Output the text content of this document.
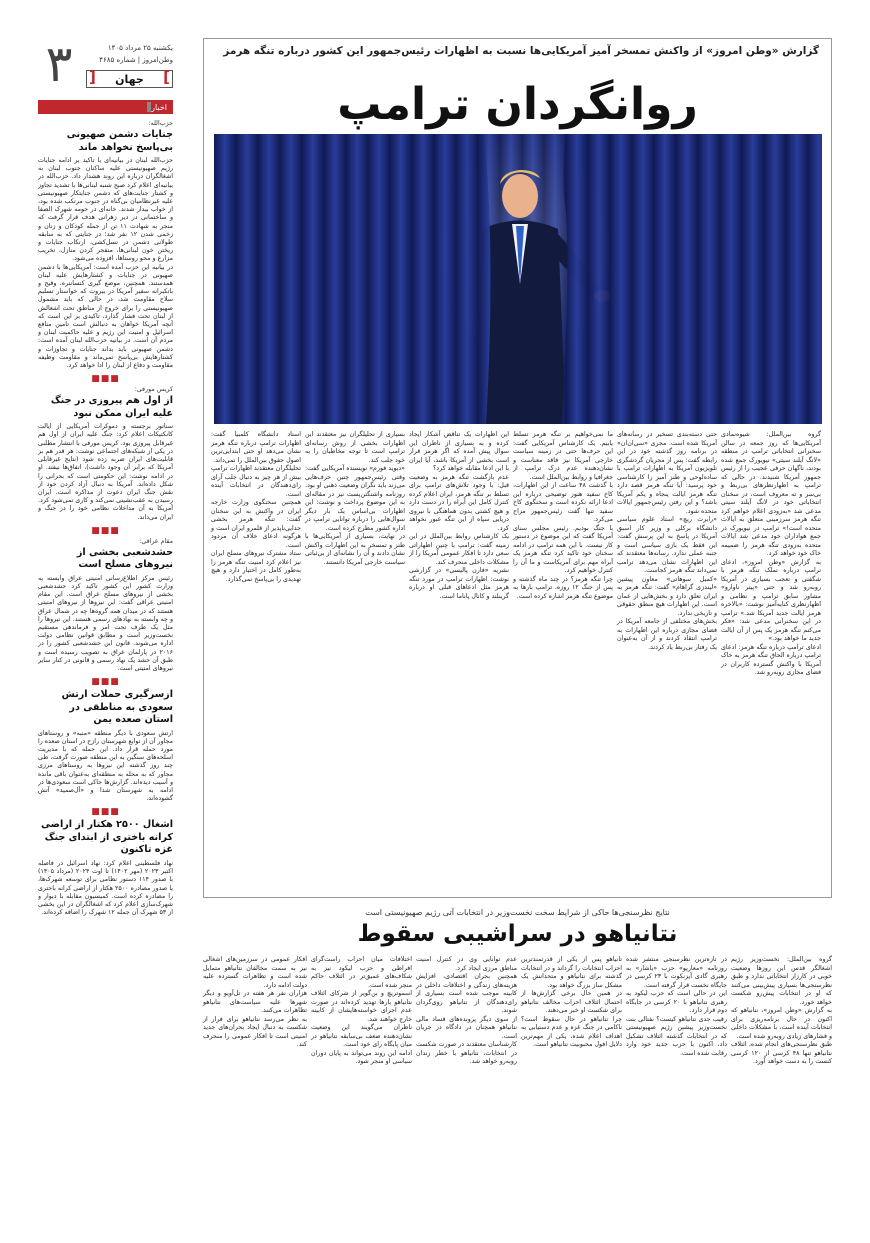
۳	یکشنبه ۲۵ مرداد ۱۴۰۵
وطن‌امروز | شماره ۴۶۸۵
]
جهان
[
اخبار
حزب‌الله:
جنایات دشمن صهیونی بی‌پاسخ نخواهد ماند

حزب‌الله لبنان در بیانیه‌ای با تاکید بر ادامه جنایات رژیم صهیونیستی علیه ساکنان جنوب لبنان به اشغالگران درباره این روند هشدار داد. حزب‌الله در بیانیه‌ای اعلام کرد صبح شنبه لبنانی‌ها با تشدید تجاوز و کشتار جنایت‌های که دشمن جنایتکار صهیونیستی علیه غیرنظامیان بی‌گناه در جنوب مرتکب شده بود، از خواب بیدار شدند. خانه‌ای در حومه شهرک الصفا و ساختمانی در دیر زهرانی هدف قرار گرفت که منجر به شهادت ۱۱ تن از جمله کودکان و زنان و زخمی شدن ۱۲ نفر شد؛ در جنایتی که به سابقه طولانی دشمن در نسل‌کشی، ارتکاب جنایات و ریختن خون لبنانی‌ها، منفجر کردن منازل، تخریب مزارع و محو روستاها، افزوده می‌شود.

در بیانیه این حزب آمده است: آمریکایی‌ها با دشمن صهیونی در جنایات و کشتارهایش علیه لبنان همدستند. همچنین، موضع گیری کنسانتره، وقیح و با‌تکبرانه سفیر آمریکا در بیروت که خواستار تسلیم سلاح مقاومت شد، در حالی که باید مشمول صهیونیستی را برای خروج از مناطق تحت اشغالش از لبنان تحت فشار گذارد، تاکیدی بر این است که آنچه آمریکا خواهان به دنبالش است تامین منافع اسرائیل و امنیت این رژیم و علیه حاکمیت لبنان و مردم آن است. در بیانیه حزب‌الله لبنان آمده است: دشمن صهیونی باید بداند جنایات و تجاوزات و کشتارهایش بی‌پاسخ نمی‌ماند و مقاومت وظیفه مقاومت و دفاع از لبنان را ادا خواهد کرد.

■■■
کریس مورفی:
از اول هم پیروزی در جنگ علیه ایران ممکن نبود

سناتور برجسته و دموکرات آمریکایی از ایالت کانکتیکات اعلام کرد: جنگ علیه ایران از اول هم غیرقابل پیروزی بود. کریس مورفی با انتشار مطلبی در یکی از شبکه‌های اجتماعی نوشت: هر قدر هم بر قابلیت‌های ایران ضربه زده شود (نتایج غیرقابلی آمریکا که برابر آن وجود داشت)، اتفاق‌ها نیفتد. او در ادامه نوشت: این حکومتی است که بحرانی را شکل داده‌اند. آمریکا به دنبال آزاد کردن خود از نقش جنگ ایران دعوت از مذاکره است. ایران رسیدن به عقب‌نشینی نمی‌کند و کاری نمی‌شود کرد. آمریکا به آن مداخلات نظامی خود را در جنگ و ایران می‌داند.

■■■
مقام عراقی:
حشدشعبی بخشی از نیروهای مسلح است

رئیس مرکز اطلاع‌رسانی امنیتی عراق وابسته به وزارت کشور این کشور تاکید کرد حشدشعبی بخشی از نیروهای مسلح عراق است. این مقام امنیتی عراقی گفت: این نیروها از نیروهای امنیتی هستند که در میدان همه گروه‌ها چه در شمال عراق و چه وابسته به نهادهای رسمی هستند. این نیروها را مثل یک طرف تحت امر و فرماندهی مستقیم نخست‌وزیر است و مطابق قوانین نظامی دولت اداره می‌شوند. قانون این حشدشعبی کشور را در ۲۰۱۶ در پارلمان عراق به تصویب رسیده است و طبق آن حشد یک نهاد رسمی و قانونی در کنار سایر نیروهای امنیتی است.

■■■
ازسرگیری حملات ارتش سعودی به مناطقی در استان صعده یمن

ارتش سعودی با دیگر منطقه «منبه» و روستاهای مجاور آن از توابع شهرستان رازح در استان صعده را مورد حمله قرار داد. این حمله که با مدیریت اسلحه‌های سنگین به این منطقه صورت گرفت، طی چند روز گذشته این نیروها به روستاهای مرزی مجاور که به محله به منطقه‌ای به‌عنوان باقی مانده و آسیب دیده‌اند. گزارش‌ها حاکی است سعودی‌ها در ادامه به شهرستان شدا و «آل‌صمید» آتش گشوده‌اند.

■■■
اشغال ۲۵۰۰ هکتار از اراضی کرانه باختری از ابتدای جنگ غزه تاکنون

نهاد فلسطینی اعلام کرد: نهاد اسرائیل در فاصله اکتبر ۲۰۲۳ (مهر ۱۴۰۲) تا اوت ۲۰۲۴ (مرداد ۱۴۰۵) با صدور ۱۱۴ دستور نظامی برای توسعه شهرک‌ها، یا صدور مصادره ۲۵۰۰ هکتار از اراضی کرانه باختری را مصادره کرده است. کمیسیون مقابله با دیوار و شهرک‌سازی اعلام کرد که اشغالگران در این بخشی از ۵۳ شهرک آن جمله ۱۲ شهرک را اضافه کرده‌اند.

گزارش «وطن امروز» از واکنش تمسخر آمیز آمریکایی‌ها نسبت به اظهارات رئیس‌جمهور این کشور درباره تنگه هرمز
روانگردان ترامپ

گروه بین‌الملل: شیوه‌نمادی آمریکایی‌ها که روز جمعه در سالن سخنرانی انتخاباتی ترامپ در منطقه «لانگ آیلند سیتی» نیویورک جمع شده بودند، ناگهان حرفی عجیب را از رئیس جمهور آمریکا شنیدند. در حالی که ترامپ به اظهارنظرهای بی‌ربط و بی‌سر و ته معروف است، در سخنان انتخاباتی خود در لانگ آیلند سیتی مدعی شد «به‌زودی اعلام خواهم کرد تنگه هرمز سرزمینی متعلق به ایالات متحده است!» ترامپ در نیویورک در جمع هواداران خود مدعی شد ایالات متحده به‌زودی تنگه هرمز را ضمیمه خاک خود خواهد کرد.

به گزارش «وطن امروز»، ادعای ترامپ درباره تملک تنگه هرمز با شگفتی و تعجب بسیاری در آمریکا روبه‌رو شد و حتی «پیتر ناوارو» مشاور سابق ترامپ و نظامی و اظهارنظری کنایه‌آمیز نوشت: «بالاخره هرمز ایالت جدید آمریکا شد.» ترامپ در این سخنرانی مدعی شد: «فکر می‌کنم تنگه هرمز یک پس از آن ایالت جدید ما خواهد بود.»

ادعای ترامپ درباره تنگه هرمز: ادعای ترامپ درباره الحاق تنگه هرمز به خاک آمریکا با واکنش گسترده کاربران در فضای مجازی روبه‌رو شد.

حتی دسته‌بندی تسخیر در رسانه‌های آمریکا شده است. مجری «سی‌ان‌ان» در برنامه روز گذشته خود در این رابطه گفت: پس از مجریان گردشگری تلویزیون آمریکا به اظهارات ترامپ با ساده‌لوحی و طنز آمیز را کارشناسی خود پرسید: آیا تنگه هرمز قصد دارد تنگه هرمز ایالت پنجاه و یکم آمریکا باشد؟ و این رفتن رئیس‌جمهور ایالات متحده شود.

«رابرت ریچ» استاد علوم سیاسی دانشگاه برکلی و وزیر کار اسبق آمریکا در پاسخ به این پرسش گفت: این فقط یک بازی سیاسی است و جنبه عملی ندارد. رسانه‌ها معتقدند که این اظهارات نشان می‌دهد ترامپ نمی‌داند تنگه هرمز کجاست.

«کمیل سوهاتی» معاون پیشین «لیندزی گراهام» گفت: تنگه هرمز به ایران تعلق دارد و بخش‌هایی از عمان است. این اظهارات هیچ منطق حقوقی و تاریخی ندارد.

بخش‌های مختلفی از جامعه آمریکا در فضای مجازی درباره این اظهارات به ترامپ انتقاد کردند و از آن به‌عنوان یک رفتار بی‌ربط یاد کردند.

ما نمی‌خواهیم بر تنگه هرمز تسلط یابیم. یک کارشناس آمریکایی گفت: این حرف‌ها حتی در زمینه سیاست خارجی آمریکا نیز فاقد معناست و نشان‌دهنده عدم درک ترامپ از جغرافیا و روابط بین‌الملل است.

با گذشت ۴۸ ساعت از این اظهارات، کاخ سفید هنوز توضیحی درباره این ادعا ارائه نکرده است و سخنگوی کاخ سفید تنها گفت رئیس‌جمهور مزاح می‌کرد.

با جنگ بودیم. رئیس مجلس سنای آمریکا گفت که این موضوع در دستور کار نیست. با این همه ترامپ در ادامه سخنان خود تاکید کرد تنگه هرمز یک آبراه مهم برای آمریکاست و ما آن را کنترل خواهیم کرد.

چرا تنگه هرمز؟ در چند ماه گذشته و پس از جنگ ۱۲ روزه، ترامپ بارها به موضوع تنگه هرمز اشاره کرده است.

این اظهارات یک تناقض آشکار ایجاد کرده و به بسیاری از ناظران این سوال پیش آمده که اگر هرمز قرار است بخشی از آمریکا باشد، آیا ایران با این ادعا مقابله خواهد کرد؟

عدم بازگشت تنگه هرمز به وضعیت قبل: با وجود تلاش‌های ترامپ برای تسلط بر تنگه هرمز، ایران اعلام کرده کنترل کامل این آبراه را در دست دارد و هیچ کشتی بدون هماهنگی با نیروی دریایی سپاه از این تنگه عبور نخواهد کرد.

یک کارشناس روابط بین‌الملل در این زمینه گفت: ترامپ با چنین اظهاراتی سعی دارد تا افکار عمومی آمریکا را از مشکلات داخلی منحرف کند.

نشریه «فارن پالیسی» در گزارشی نوشت: اظهارات ترامپ در مورد تنگه هرمز مثل ادعاهای قبلی او درباره گرینلند و کانال پاناما است.

بسیاری از تحلیلگران نیز معتقدند این اظهارات بخشی از روش رسانه‌ای ترامپ است تا توجه مخاطبان را به خود جلب کند.

«دیوید فورم» نویسنده آمریکایی گفت: وقتی رئیس‌جمهور چنین حرف‌هایی می‌زند باید نگران وضعیت ذهنی او بود.

روزنامه واشنگتن‌پست نیز در مقاله‌ای به این موضوع پرداخت و نوشت: این اظهارات بی‌اساس یک بار دیگر سوال‌هایی را درباره توانایی ترامپ در اداره کشور مطرح کرده است.

در نهایت، بسیاری از آمریکایی‌ها با طنز و تمسخر به این اظهارات واکنش نشان دادند و آن را نشانه‌ای از بی‌ثباتی سیاست خارجی آمریکا دانستند.

استاد دانشگاه کلمبیا گفت: اظهارات ترامپ درباره تنگه هرمز نشان می‌دهد او حتی ابتدایی‌ترین اصول حقوق بین‌الملل را نمی‌داند.

تحلیلگران معتقدند اظهارات ترامپ بیش از هر چیز به دنبال جلب آرای رای‌دهندگان در انتخابات آینده است.

همچنین سخنگوی وزارت خارجه ایران در واکنش به این سخنان گفت: تنگه هرمز بخشی جدایی‌ناپذیر از قلمرو ایران است و هرگونه ادعای خلاف آن مردود است.

ستاد مشترک نیروهای مسلح ایران نیز اعلام کرد امنیت تنگه هرمز را به‌طور کامل در اختیار دارد و هیچ تهدیدی را بی‌پاسخ نمی‌گذارد.

نتایج نظرسنجی‌ها حاکی از شرایط سخت نخست‌وزیر در انتخابات آتی رژیم صهیونیستی است
نتانیاهو در سراشیبی سقوط

گروه بین‌الملل: نخست‌وزیر رژیم اشغالگر قدس این روزها وضعیت خوبی در کارزار انتخاباتی ندارد و طبق نظرسنجی‌ها بسیاری پیش‌بینی می‌کنند که او در انتخابات پیش‌رو شکست خواهد خورد.

به گزارش «وطن امروز»، نتانیاهو که اکنون در حال برنامه‌ریزی برای انتخابات آینده است، با مشکلات داخلی و فشارهای زیادی روبه‌رو شده است.

طبق نظرسنجی‌های انجام شده، ائتلاف نتانیاهو تنها ۴۸ کرسی از ۱۲۰ کرسی کنست را به دست خواهد آورد.

در تازه‌ترین نظرسنجی منتشر شده روزنامه «معاریو» حزب «یاشار» به رهبری گادی آیزنکوت با ۲۳ کرسی در جایگاه نخست قرار گرفته است.

این در حالی است که حزب لیکود به رهبری نتانیاهو با ۲۰ کرسی در جایگاه دوم قرار دارد.

رقیب جدی نتانیاهو کیست؟ نفتالی بنت نخست‌وزیر پیشین رژیم صهیونیستی که در انتخابات گذشته ائتلاف تشکیل داد، اکنون با حزب جدید خود وارد رقابت شده است.

تانیاهو پس از یکی از قدرتمندترین احزاب انتخابات را گرداند و در انتخابات گذشته برای نتانیاهو و متحدانش یک مشکل ساز بزرگ خواهد بود.

در همین حال برخی گزارش‌ها از احتمال ائتلاف احزاب مخالف نتانیاهو برای شکست او خبر می‌دهند.

چرا نتانیاهو در حال سقوط است؟ ناکامی در جنگ غزه و عدم دستیابی به اهداف اعلام شده، یکی از مهم‌ترین دلایل افول محبوبیت نتانیاهو است.

عدم توانایی وی در کنترل امنیت مناطق مرزی ایجاد کرد.

همچنین بحران اقتصادی، افزایش هزینه‌های زندگی و اختلافات داخلی در کابینه موجب شده است بسیاری از رای‌دهندگان از نتانیاهو روی‌گردان شوند.

از سوی دیگر پرونده‌های فساد مالی نتانیاهو همچنان در دادگاه در جریان است.

کارشناسان معتقدند در صورت شکست در انتخابات، نتانیاهو با خطر زندان روبه‌رو خواهد شد.

اختلافات میان احزاب راست‌گرای افراطی و حزب لیکود نیز به شکاف‌های عمیق‌تر در ائتلاف حاکم منجر شده است.

اسموتریچ و بن‌گویر از شرکای ائتلاف نتانیاهو بارها تهدید کرده‌اند در صورت عدم اجرای خواسته‌هایشان از کابینه خارج خواهند شد.

ناظران می‌گویند این وضعیت نشان‌دهنده ضعف بی‌سابقه نتانیاهو در میان پایگاه رای خود است.

ادامه این روند می‌تواند به پایان دوران سیاسی او منجر شود.

افکار عمومی در سرزمین‌های اشغالی نیز به سمت مخالفان نتانیاهو متمایل شده است و تظاهرات گسترده علیه دولت ادامه دارد.

هزاران نفر هر هفته در تل‌آویو و دیگر شهرها علیه سیاست‌های نتانیاهو تظاهرات می‌کنند.

به نظر می‌رسد نتانیاهو برای فرار از شکست به دنبال ایجاد بحران‌های جدید امنیتی است تا افکار عمومی را منحرف کند.
